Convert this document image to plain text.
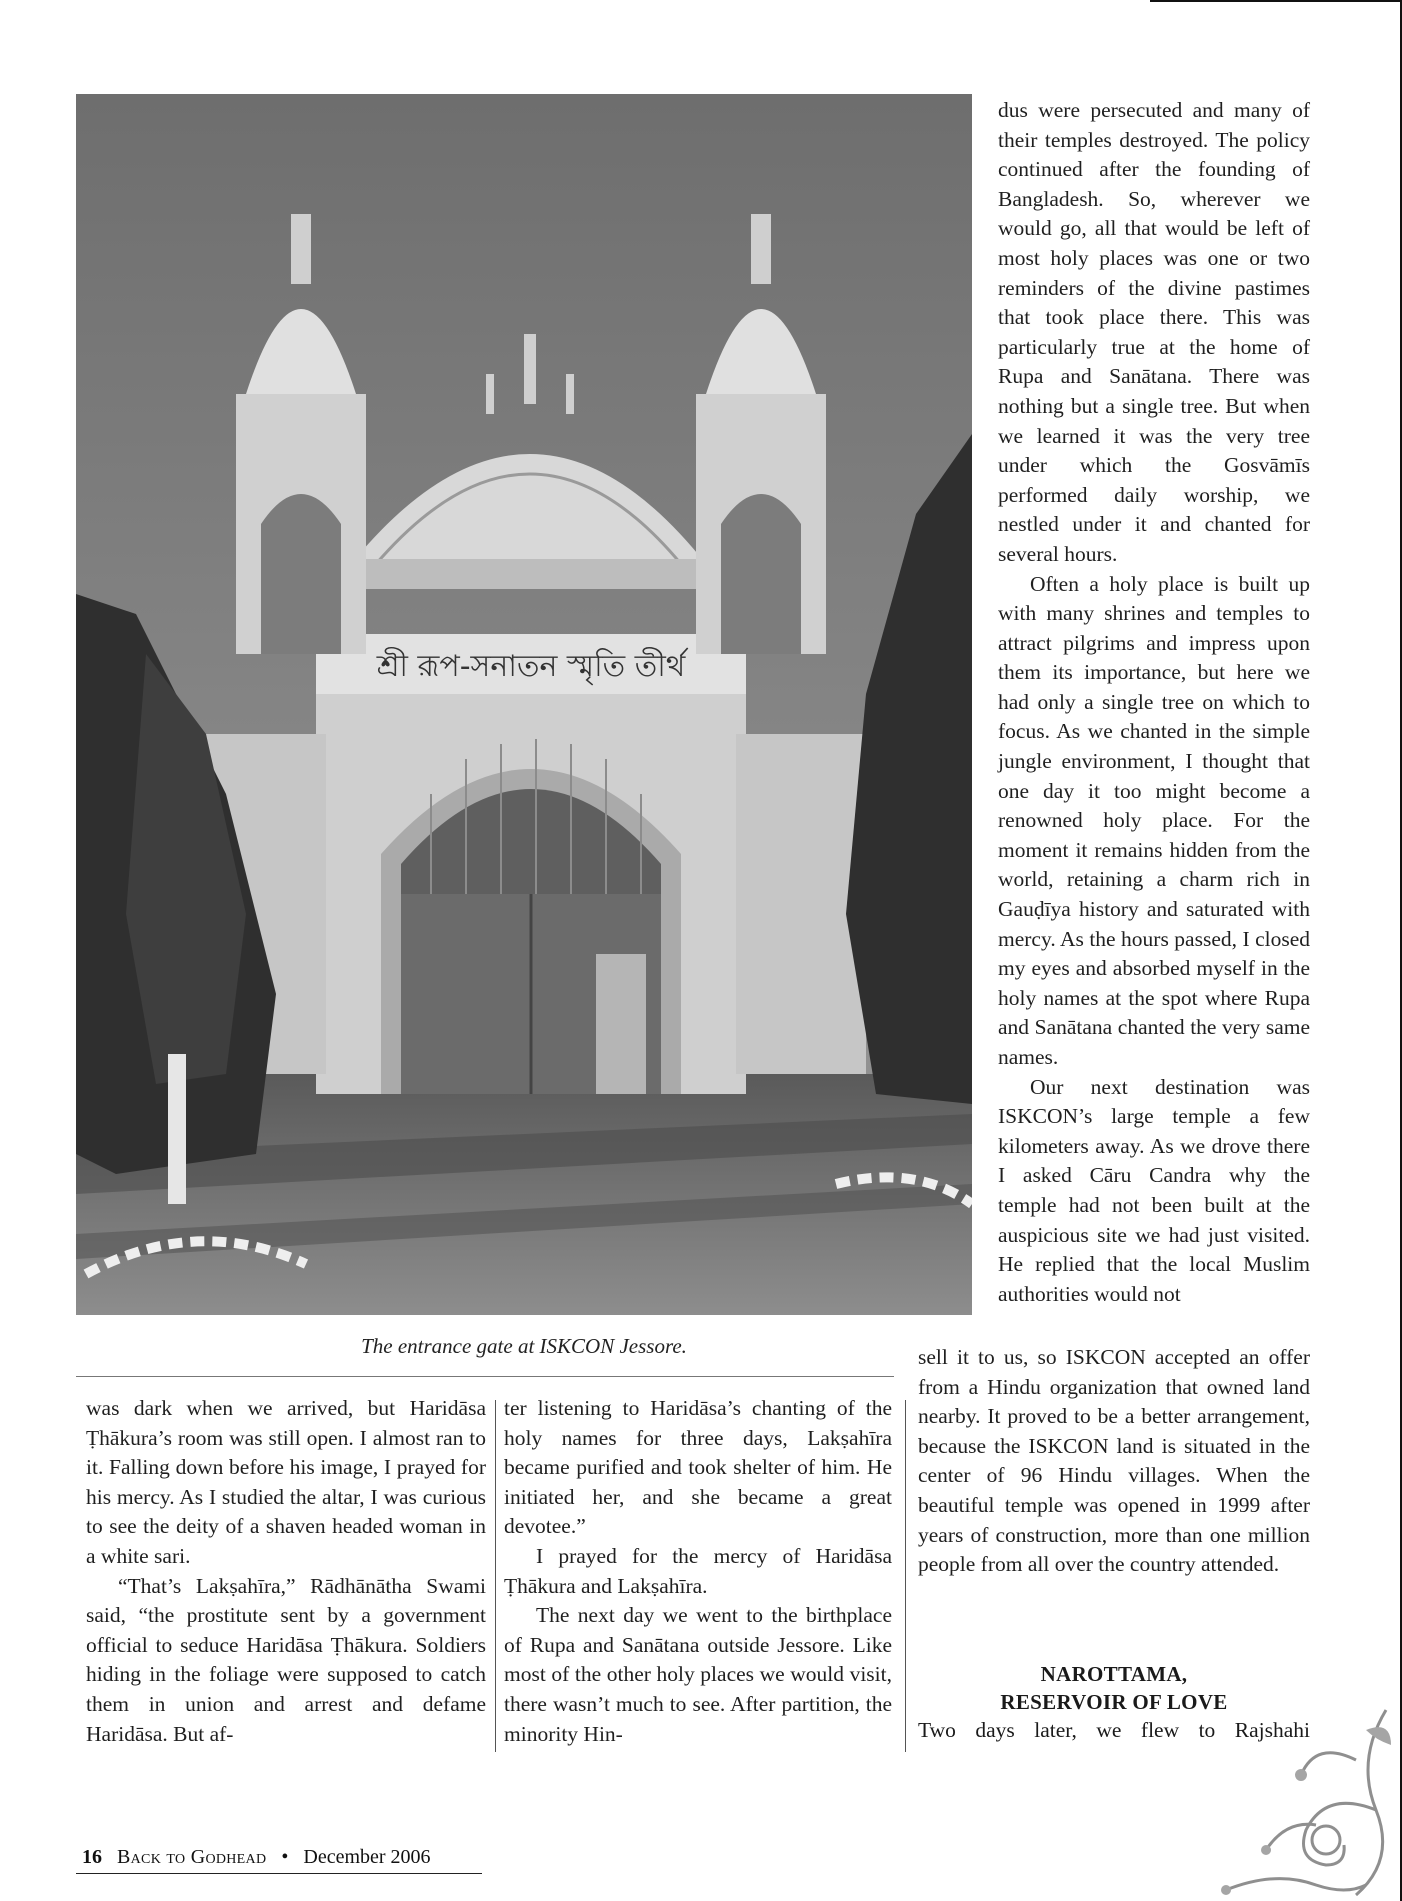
শ্রী রূপ-সনাতন স্মৃতি তীর্থ
The entrance gate at ISKCON Jessore.

was dark when we arrived, but Haridāsa Ṭhākura’s room was still open. I almost ran to it. Falling down before his image, I prayed for his mercy. As I studied the altar, I was curious to see the deity of a shaven headed woman in a white sari.

“That’s Lakṣahīra,” Rādhānātha Swami said, “the prostitute sent by a government official to seduce Haridāsa Ṭhākura. Soldiers hiding in the foliage were supposed to catch them in union and arrest and defame Haridāsa. But af-

ter listening to Haridāsa’s chanting of the holy names for three days, Lakṣahīra became purified and took shelter of him. He initiated her, and she became a great devotee.”

I prayed for the mercy of Haridāsa Ṭhākura and Lakṣahīra.

The next day we went to the birthplace of Rupa and Sanātana outside Jessore. Like most of the other holy places we would visit, there wasn’t much to see. After partition, the minority Hin-

dus were persecuted and many of their temples destroyed. The policy continued after the founding of Bangladesh. So, wherever we would go, all that would be left of most holy places was one or two reminders of the divine pastimes that took place there. This was particularly true at the home of Rupa and Sanātana. There was nothing but a single tree. But when we learned it was the very tree under which the Gosvāmīs performed daily worship, we nestled under it and chanted for several hours.

Often a holy place is built up with many shrines and temples to attract pilgrims and impress upon them its importance, but here we had only a single tree on which to focus. As we chanted in the simple jungle environment, I thought that one day it too might become a renowned holy place. For the moment it remains hidden from the world, retaining a charm rich in Gauḍīya history and saturated with mercy. As the hours passed, I closed my eyes and absorbed myself in the holy names at the spot where Rupa and Sanātana chanted the very same names.

Our next destination was ISKCON’s large temple a few kilometers away. As we drove there I asked Cāru Candra why the temple had not been built at the auspicious site we had just visited. He replied that the local Muslim authorities would not

sell it to us, so ISKCON accepted an offer from a Hindu organization that owned land nearby. It proved to be a better arrangement, because the ISKCON land is situated in the center of 96 Hindu villages. When the beautiful temple was opened in 1999 after years of construction, more than one million people from all over the country attended.

NAROTTAMA,
RESERVOIR OF LOVE
Two days later, we flew to Rajshahi
16 Back to Godhead • December 2006
